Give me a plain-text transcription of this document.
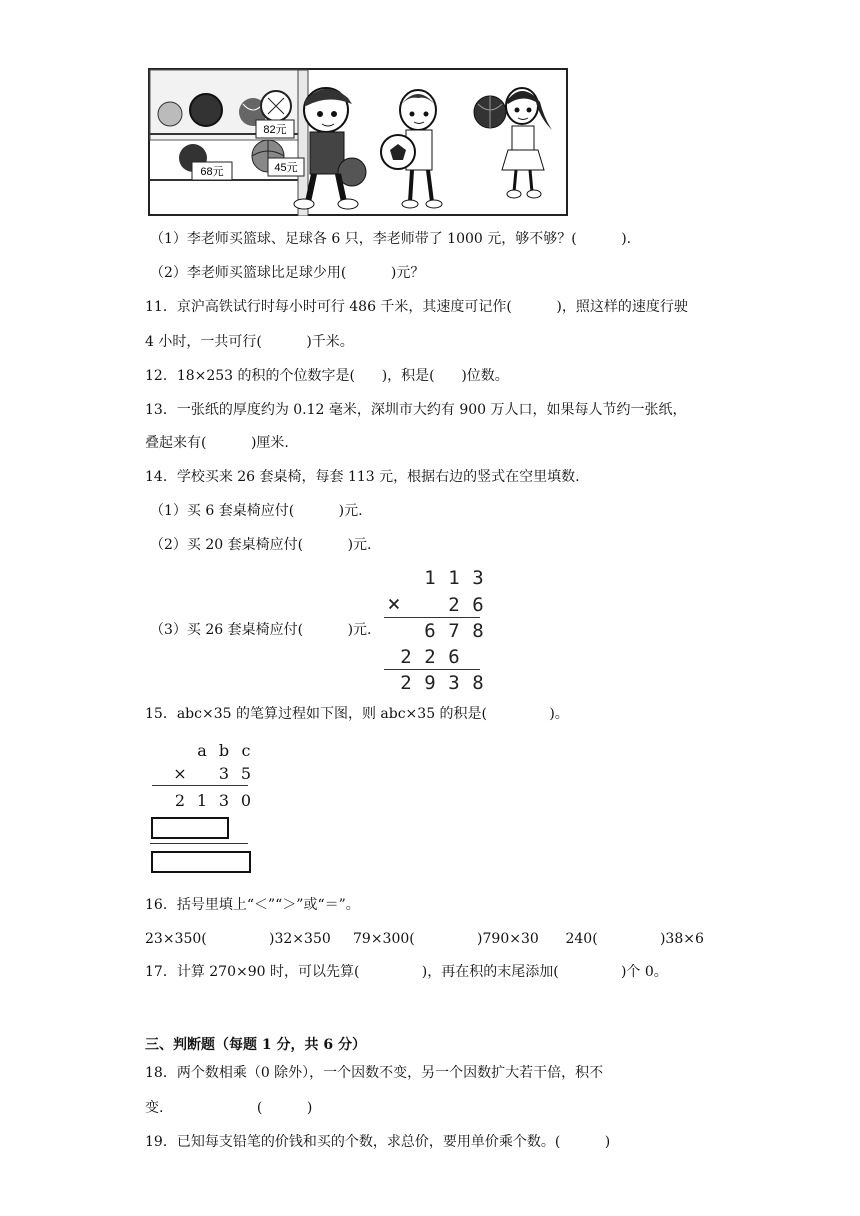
82元
68元	45元
（1）李老师买篮球、足球各 6 只，李老师带了 1000 元，够不够？(          ).
（2）李老师买篮球比足球少用(          )元？
11．京沪高铁试行时每小时可行 486 千米，其速度可记作(          )，照这样的速度行驶
4 小时，一共可行(          )千米。
12．18×253 的积的个位数字是(      )，积是(      )位数。
13．一张纸的厚度约为 0.12 毫米，深圳市大约有 900 万人口，如果每人节约一张纸，
叠起来有(          )厘米.
14．学校买来 26 套桌椅，每套 113 元，根据右边的竖式在空里填数.
（1）买 6 套桌椅应付(          )元.
（2）买 20 套桌椅应付(          )元.
（3）买 26 套桌椅应付(          )元.
1 1 3
×	2 6
6 7 8
2 2 6
2 9 3 8
15．abc×35 的笔算过程如下图，则 abc×35 的积是(              )。
a b c
×	3 5
2 1 3 0
16．括号里填上“＜”“＞”或“＝”。
23×350(              )32×350     79×300(              )790×30      240(              )38×6
17．计算 270×90 时，可以先算(              )，再在积的末尾添加(              )个 0。
三、判断题（每题 1 分，共 6 分）
18．两个数相乘（0 除外），一个因数不变，另一个因数扩大若干倍，积不
变.                     (          )
19．已知每支铅笔的价钱和买的个数，求总价，要用单价乘个数。(          )
